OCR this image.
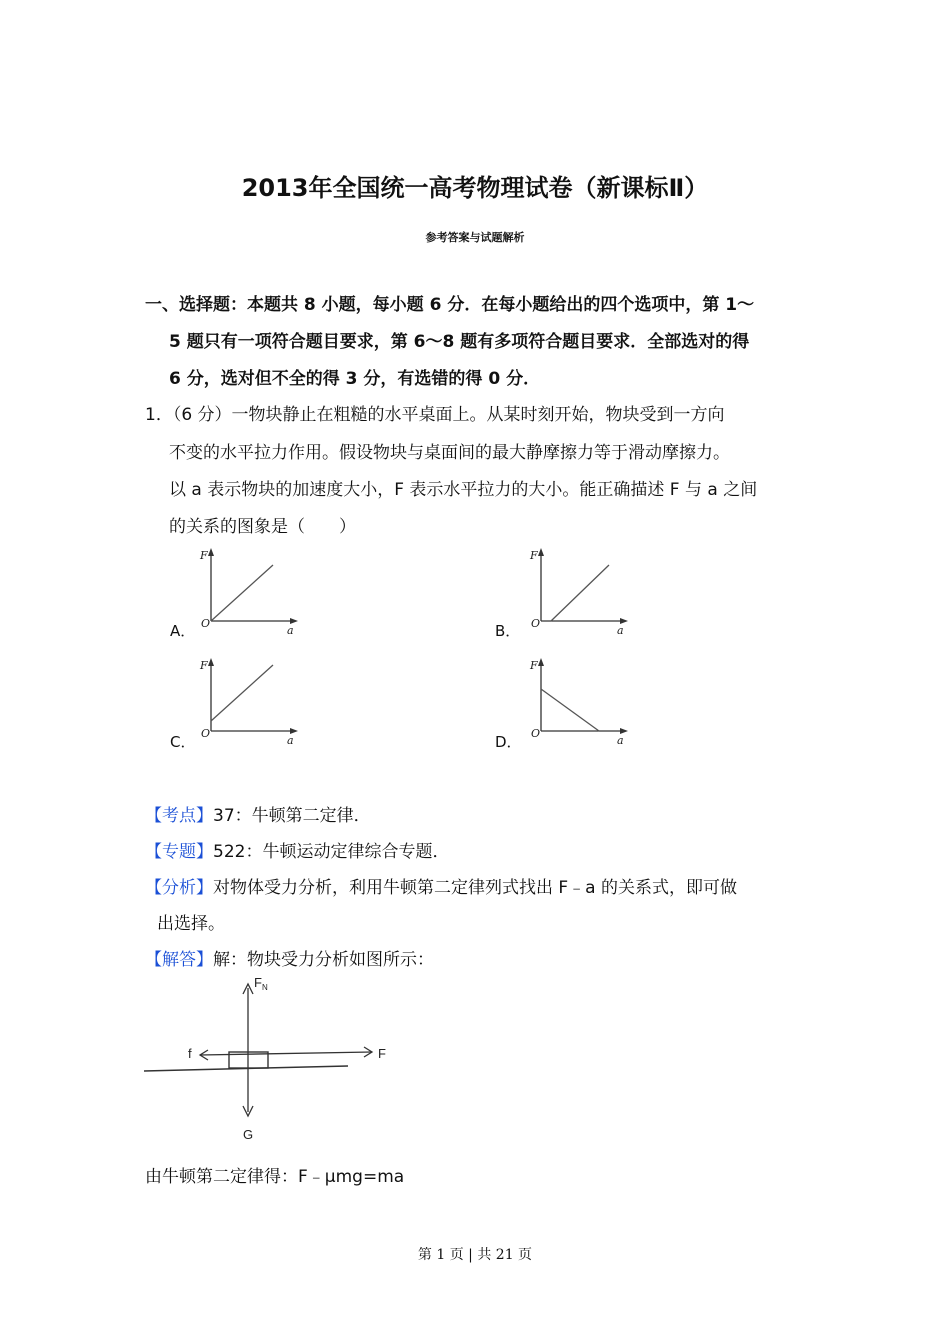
2013年全国统一高考物理试卷（新课标Ⅱ）
参考答案与试题解析
一、选择题：本题共 8 小题，每小题 6 分．在每小题给出的四个选项中，第 1～
5 题只有一项符合题目要求，第 6～8 题有多项符合题目要求．全部选对的得
6 分，选对但不全的得 3 分，有选错的得 0 分．
1．（6 分）一物块静止在粗糙的水平桌面上。从某时刻开始，物块受到一方向
不变的水平拉力作用。假设物块与桌面间的最大静摩擦力等于滑动摩擦力。
以 a 表示物块的加速度大小，F 表示水平拉力的大小。能正确描述 F 与 a 之间
的关系的图象是（　　）
A．
F
a
O	B．
F
a
O
C．
F
a
O	D．
F
a
O
【考点】37：牛顿第二定律．
【专题】522：牛顿运动定律综合专题．
【分析】对物体受力分析，利用牛顿第二定律列式找出 F﹣a 的关系式，即可做
出选择。
【解答】解：物块受力分析如图所示：
$F_N$
f	F
G
由牛顿第二定律得：F﹣μmg=ma
第 1 页 | 共 21 页
